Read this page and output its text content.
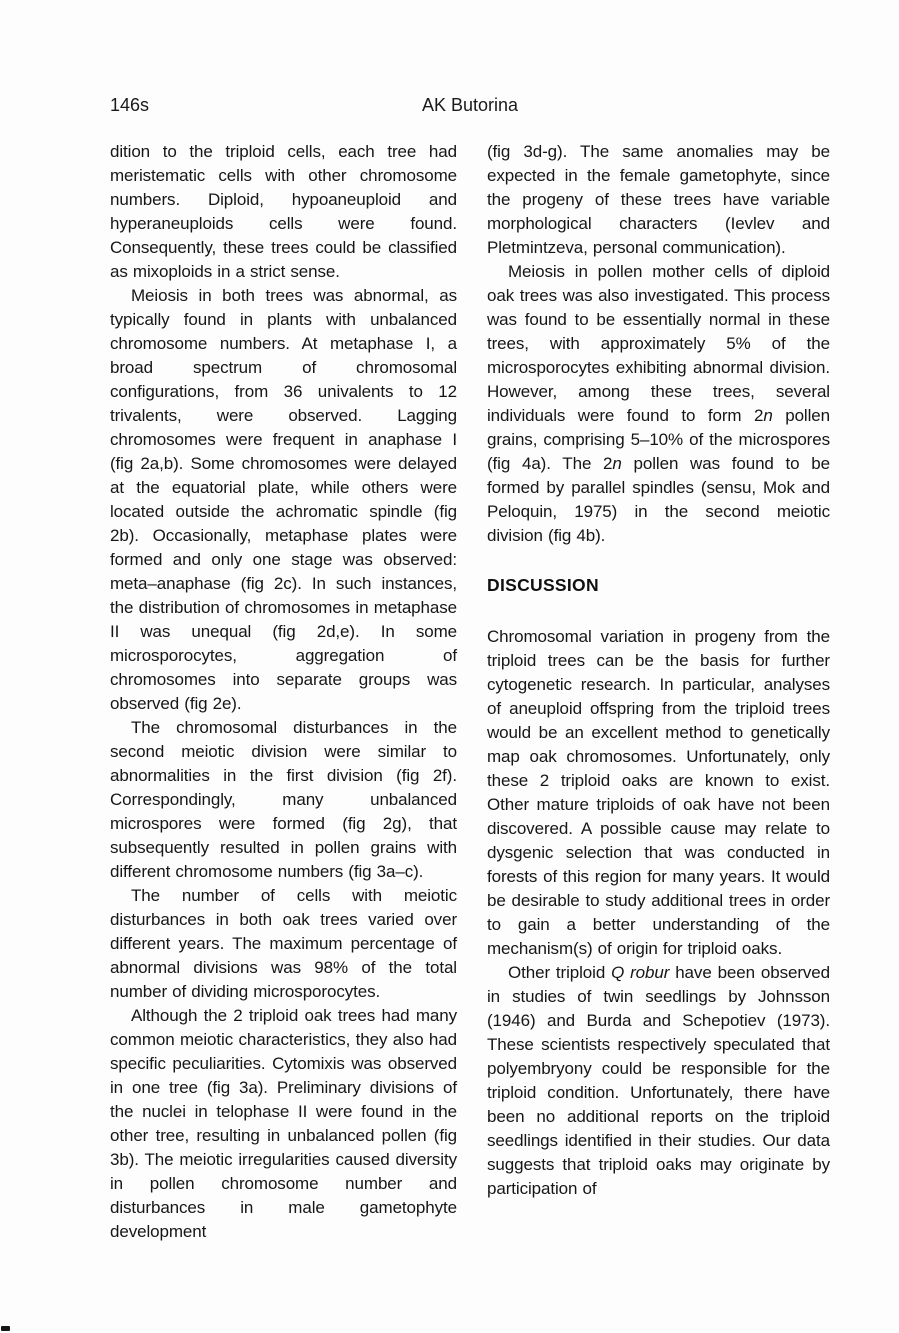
146s	AK Butorina

dition to the triploid cells, each tree had meristematic cells with other chromosome numbers. Diploid, hypoaneuploid and hyperaneuploids cells were found. Consequently, these trees could be classified as mixoploids in a strict sense.

Meiosis in both trees was abnormal, as typically found in plants with unbalanced chromosome numbers. At metaphase I, a broad spectrum of chromosomal configurations, from 36 univalents to 12 trivalents, were observed. Lagging chromosomes were frequent in anaphase I (fig 2a,b). Some chromosomes were delayed at the equatorial plate, while others were located outside the achromatic spindle (fig 2b). Occasionally, metaphase plates were formed and only one stage was observed: meta–anaphase (fig 2c). In such instances, the distribution of chromosomes in metaphase II was unequal (fig 2d,e). In some microsporocytes, aggregation of chromosomes into separate groups was observed (fig 2e).

The chromosomal disturbances in the second meiotic division were similar to abnormalities in the first division (fig 2f). Correspondingly, many unbalanced microspores were formed (fig 2g), that subsequently resulted in pollen grains with different chromosome numbers (fig 3a–c).

The number of cells with meiotic disturbances in both oak trees varied over different years. The maximum percentage of abnormal divisions was 98% of the total number of dividing microsporocytes.

Although the 2 triploid oak trees had many common meiotic characteristics, they also had specific peculiarities. Cytomixis was observed in one tree (fig 3a). Preliminary divisions of the nuclei in telophase II were found in the other tree, resulting in unbalanced pollen (fig 3b). The meiotic irregularities caused diversity in pollen chromosome number and disturbances in male gametophyte development

(fig 3d-g). The same anomalies may be expected in the female gametophyte, since the progeny of these trees have variable morphological characters (Ievlev and Pletmintzeva, personal communication).

Meiosis in pollen mother cells of diploid oak trees was also investigated. This process was found to be essentially normal in these trees, with approximately 5% of the microsporocytes exhibiting abnormal division. However, among these trees, several individuals were found to form 2n pollen grains, comprising 5–10% of the microspores (fig 4a). The 2n pollen was found to be formed by parallel spindles (sensu, Mok and Peloquin, 1975) in the second meiotic division (fig 4b).

DISCUSSION

Chromosomal variation in progeny from the triploid trees can be the basis for further cytogenetic research. In particular, analyses of aneuploid offspring from the triploid trees would be an excellent method to genetically map oak chromosomes. Unfortunately, only these 2 triploid oaks are known to exist. Other mature triploids of oak have not been discovered. A possible cause may relate to dysgenic selection that was conducted in forests of this region for many years. It would be desirable to study additional trees in order to gain a better understanding of the mechanism(s) of origin for triploid oaks.

Other triploid Q robur have been observed in studies of twin seedlings by Johnsson (1946) and Burda and Schepotiev (1973). These scientists respectively speculated that polyembryony could be responsible for the triploid condition. Unfortunately, there have been no additional reports on the triploid seedlings identified in their studies. Our data suggests that triploid oaks may originate by participation of
